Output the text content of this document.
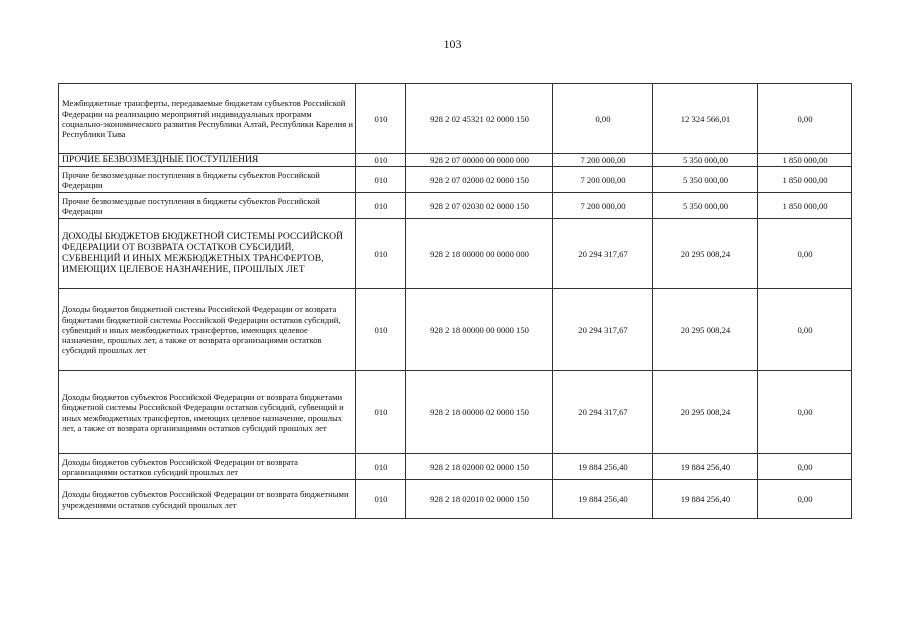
103
Межбюджетные трансферты, передаваемые бюджетам субъектов Российской Федерации на реализацию мероприятий индивидуальных программ социально-экономического развития Республики Алтай, Республики Карелия и Республики Тыва	010	928 2 02 45321 02 0000 150	0,00	12 324 566,01	0,00
ПРОЧИЕ БЕЗВОЗМЕЗДНЫЕ ПОСТУПЛЕНИЯ	010	928 2 07 00000 00 0000 000	7 200 000,00	5 350 000,00	1 850 000,00
Прочие безвозмездные поступления в бюджеты субъектов Российской Федерации	010	928 2 07 02000 02 0000 150	7 200 000,00	5 350 000,00	1 850 000,00
Прочие безвозмездные поступления в бюджеты субъектов Российской Федерации	010	928 2 07 02030 02 0000 150	7 200 000,00	5 350 000,00	1 850 000,00
ДОХОДЫ БЮДЖЕТОВ БЮДЖЕТНОЙ СИСТЕМЫ РОССИЙСКОЙ ФЕДЕРАЦИИ ОТ ВОЗВРАТА ОСТАТКОВ СУБСИДИЙ, СУБВЕНЦИЙ И ИНЫХ МЕЖБЮДЖЕТНЫХ ТРАНСФЕРТОВ, ИМЕЮЩИХ ЦЕЛЕВОЕ НАЗНАЧЕНИЕ, ПРОШЛЫХ ЛЕТ	010	928 2 18 00000 00 0000 000	20 294 317,67	20 295 008,24	0,00
Доходы бюджетов бюджетной системы Российской Федерации от возврата бюджетами бюджетной системы Российской Федерации остатков субсидий, субвенций и иных межбюджетных трансфертов, имеющих целевое назначение, прошлых лет, а также от возврата организациями остатков субсидий прошлых лет	010	928 2 18 00000 00 0000 150	20 294 317,67	20 295 008,24	0,00
Доходы бюджетов субъектов Российской Федерации от возврата бюджетами бюджетной системы Российской Федерации остатков субсидий, субвенций и иных межбюджетных трансфертов, имеющих целевое назначение, прошлых лет, а также от возврата организациями остатков субсидий прошлых лет	010	928 2 18 00000 02 0000 150	20 294 317,67	20 295 008,24	0,00
Доходы бюджетов субъектов Российской Федерации от возврата организациями остатков субсидий прошлых лет	010	928 2 18 02000 02 0000 150	19 884 256,40	19 884 256,40	0,00
Доходы бюджетов субъектов Российской Федерации от возврата бюджетными учреждениями остатков субсидий прошлых лет	010	928 2 18 02010 02 0000 150	19 884 256,40	19 884 256,40	0,00
